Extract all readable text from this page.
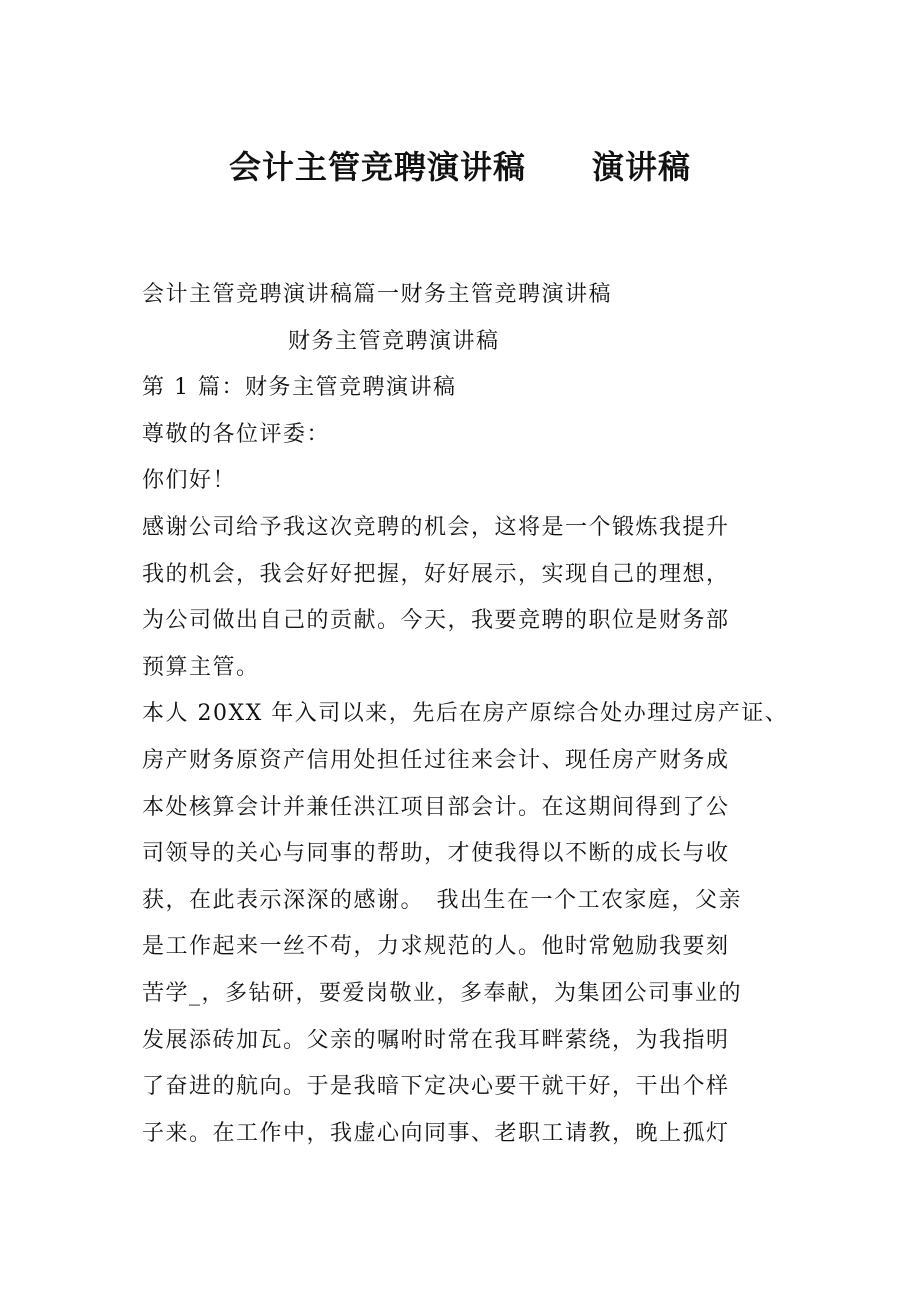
会计主管竞聘演讲稿　　演讲稿
会计主管竞聘演讲稿篇一财务主管竞聘演讲稿
财务主管竞聘演讲稿
第 1 篇：财务主管竞聘演讲稿
尊敬的各位评委：
你们好！
感谢公司给予我这次竞聘的机会，这将是一个锻炼我提升
我的机会，我会好好把握，好好展示，实现自己的理想，
为公司做出自己的贡献。今天，我要竞聘的职位是财务部
预算主管。
本人 20XX 年入司以来，先后在房产原综合处办理过房产证、
房产财务原资产信用处担任过往来会计、现任房产财务成
本处核算会计并兼任洪江项目部会计。在这期间得到了公
司领导的关心与同事的帮助，才使我得以不断的成长与收
获，在此表示深深的感谢。　我出生在一个工农家庭，父亲
是工作起来一丝不苟，力求规范的人。他时常勉励我要刻
苦学_，多钻研，要爱岗敬业，多奉献，为集团公司事业的
发展添砖加瓦。父亲的嘱咐时常在我耳畔萦绕，为我指明
了奋进的航向。于是我暗下定决心要干就干好，干出个样
子来。在工作中，我虚心向同事、老职工请教，晚上孤灯
